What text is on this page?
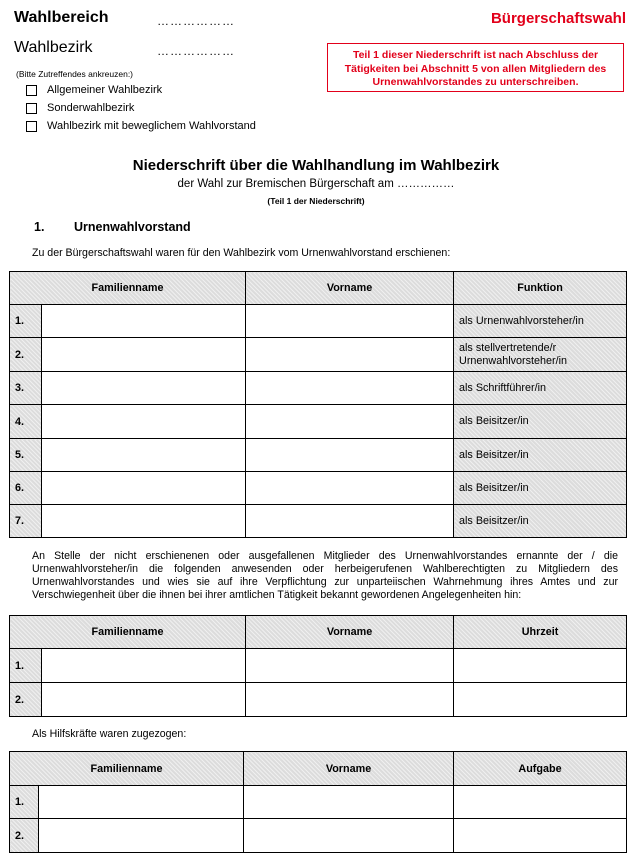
Wahlbereich	………………
Wahlbezirk	………………
Bürgerschaftswahl
Teil 1 dieser Niederschrift ist nach Abschluss der Tätigkeiten bei Abschnitt 5 von allen Mitgliedern des Urnenwahlvorstandes zu unterschreiben.
(Bitte Zutreffendes ankreuzen:)
Allgemeiner Wahlbezirk
Sonderwahlbezirk
Wahlbezirk mit beweglichem Wahlvorstand
Niederschrift über die Wahlhandlung im Wahlbezirk
der Wahl zur Bremischen Bürgerschaft am ……………
(Teil 1 der Niederschrift)
1. Urnenwahlvorstand
Zu der Bürgerschaftswahl waren für den Wahlbezirk vom Urnenwahlvorstand erschienen:
Familienname		Vorname	Funktion
1.			als Urnenwahlvorsteher/in
2.			als stellvertretende/r Urnenwahlvorsteher/in
3.			als Schriftführer/in
4.			als Beisitzer/in
5.			als Beisitzer/in
6.			als Beisitzer/in
7.			als Beisitzer/in
An Stelle der nicht erschienenen oder ausgefallenen Mitglieder des Urnenwahlvorstandes ernannte der / die Urnenwahlvorsteher/in die folgenden anwesenden oder herbeigerufenen Wahlberechtigten zu Mitgliedern des Urnenwahlvorstandes und wies sie auf ihre Verpflichtung zur unparteiischen Wahrnehmung ihres Amtes und zur Verschwiegenheit über die ihnen bei ihrer amtlichen Tätigkeit bekannt gewordenen Angelegenheiten hin:
Familienname		Vorname	Uhrzeit
1.			
2.			
Als Hilfskräfte waren zugezogen:
Familienname		Vorname	Aufgabe
1.			
2.			
